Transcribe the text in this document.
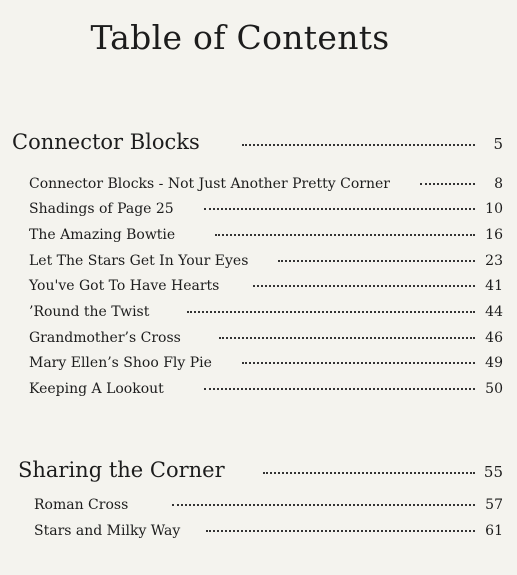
Table of Contents
Connector Blocks	5
Connector Blocks - Not Just Another Pretty Corner	8
Shadings of Page 25	10
The Amazing Bowtie	16
Let The Stars Get In Your Eyes	23
You've Got To Have Hearts	41
’Round the Twist	44
Grandmother’s Cross	46
Mary Ellen’s Shoo Fly Pie	49
Keeping A Lookout	50
Sharing the Corner	55
Roman Cross	57
Stars and Milky Way	61
